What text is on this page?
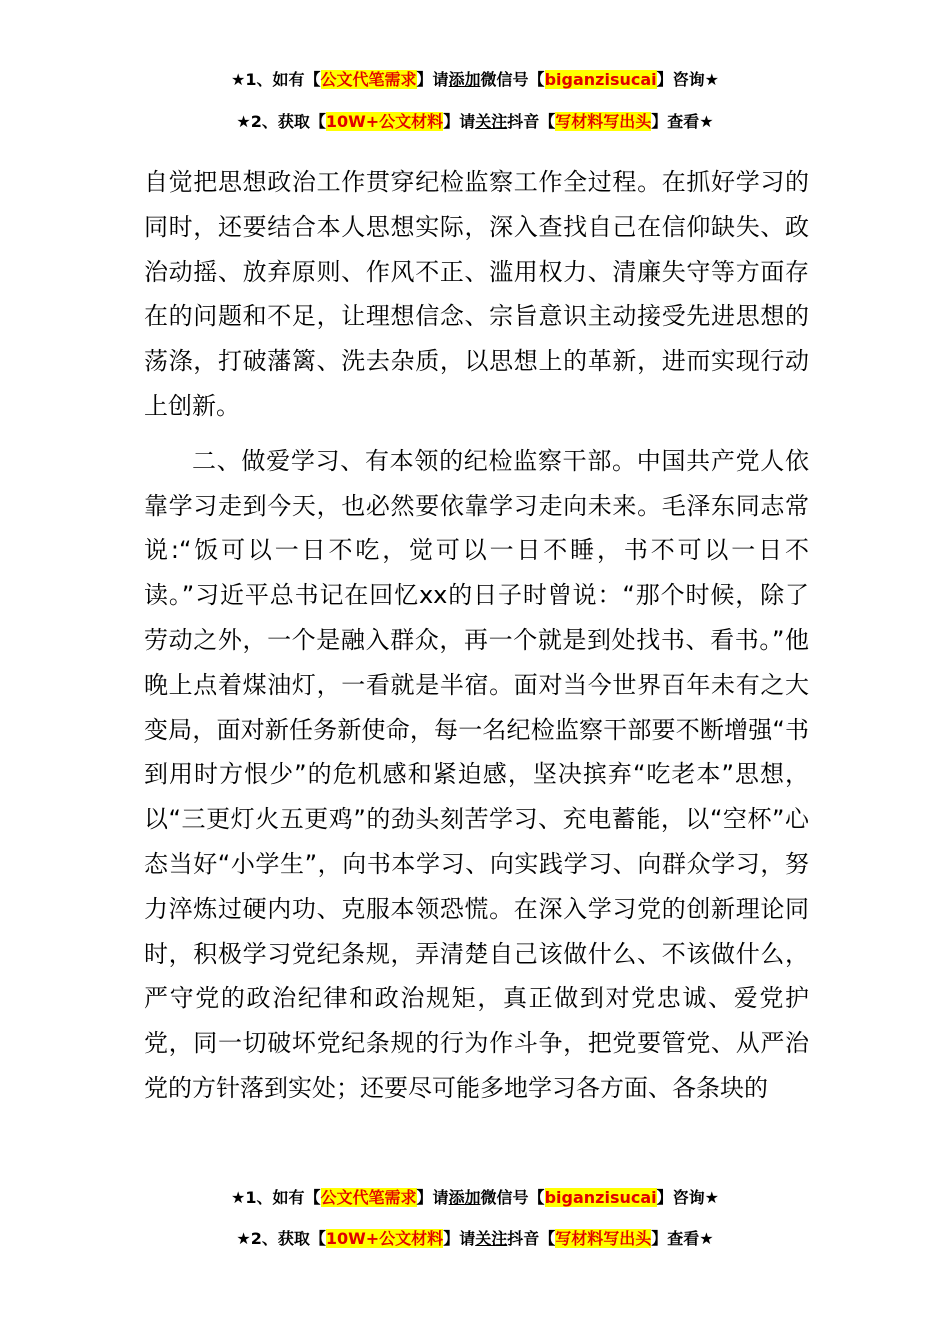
★1、如有【公文代笔需求】请添加微信号【biganzisucai】咨询★
★2、获取【10W+公文材料】请关注抖音【写材料写出头】查看★

自觉把思想政治工作贯穿纪检监察工作全过程。在抓好学习的同时，还要结合本人思想实际，深入查找自己在信仰缺失、政治动摇、放弃原则、作风不正、滥用权力、清廉失守等方面存在的问题和不足，让理想信念、宗旨意识主动接受先进思想的荡涤，打破藩篱、洗去杂质，以思想上的革新，进而实现行动上创新。

二、做爱学习、有本领的纪检监察干部。中国共产党人依靠学习走到今天，也必然要依靠学习走向未来。毛泽东同志常说:“饭可以一日不吃，觉可以一日不睡，书不可以一日不读。”习近平总书记在回忆xx的日子时曾说：“那个时候，除了劳动之外，一个是融入群众，再一个就是到处找书、看书。”他晚上点着煤油灯，一看就是半宿。面对当今世界百年未有之大变局，面对新任务新使命，每一名纪检监察干部要不断增强“书到用时方恨少”的危机感和紧迫感，坚决摈弃“吃老本”思想，以“三更灯火五更鸡”的劲头刻苦学习、充电蓄能，以“空杯”心态当好“小学生”，向书本学习、向实践学习、向群众学习，努力淬炼过硬内功、克服本领恐慌。在深入学习党的创新理论同时，积极学习党纪条规，弄清楚自己该做什么、不该做什么，严守党的政治纪律和政治规矩，真正做到对党忠诚、爱党护党，同一切破坏党纪条规的行为作斗争，把党要管党、从严治党的方针落到实处；还要尽可能多地学习各方面、各条块的

★1、如有【公文代笔需求】请添加微信号【biganzisucai】咨询★
★2、获取【10W+公文材料】请关注抖音【写材料写出头】查看★
